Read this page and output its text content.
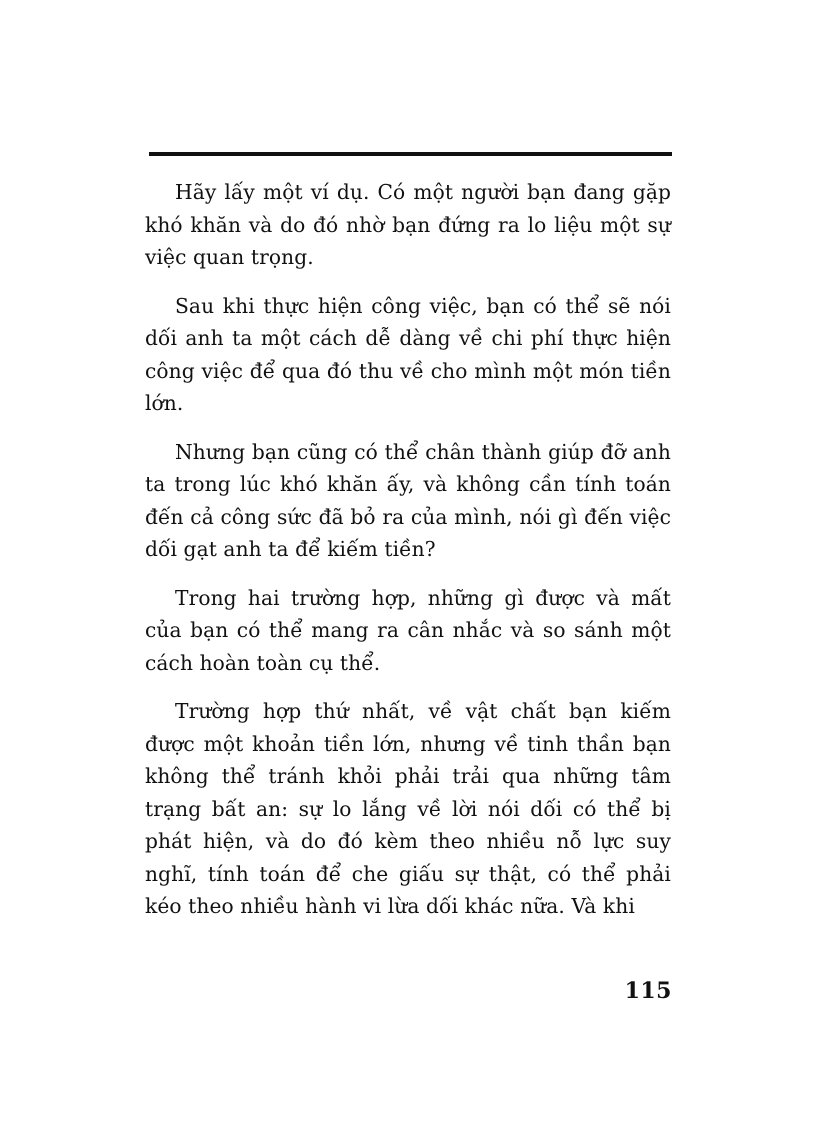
Hãy lấy một ví dụ. Có một người bạn đang gặp khó khăn và do đó nhờ bạn đứng ra lo liệu một sự việc quan trọng.

Sau khi thực hiện công việc, bạn có thể sẽ nói dối anh ta một cách dễ dàng về chi phí thực hiện công việc để qua đó thu về cho mình một món tiền lớn.

Nhưng bạn cũng có thể chân thành giúp đỡ anh ta trong lúc khó khăn ấy, và không cần tính toán đến cả công sức đã bỏ ra của mình, nói gì đến việc dối gạt anh ta để kiếm tiền?

Trong hai trường hợp, những gì được và mất của bạn có thể mang ra cân nhắc và so sánh một cách hoàn toàn cụ thể.

Trường hợp thứ nhất, về vật chất bạn kiếm được một khoản tiền lớn, nhưng về tinh thần bạn không thể tránh khỏi phải trải qua những tâm trạng bất an: sự lo lắng về lời nói dối có thể bị phát hiện, và do đó kèm theo nhiều nỗ lực suy nghĩ, tính toán để che giấu sự thật, có thể phải kéo theo nhiều hành vi lừa dối khác nữa. Và khi

115
